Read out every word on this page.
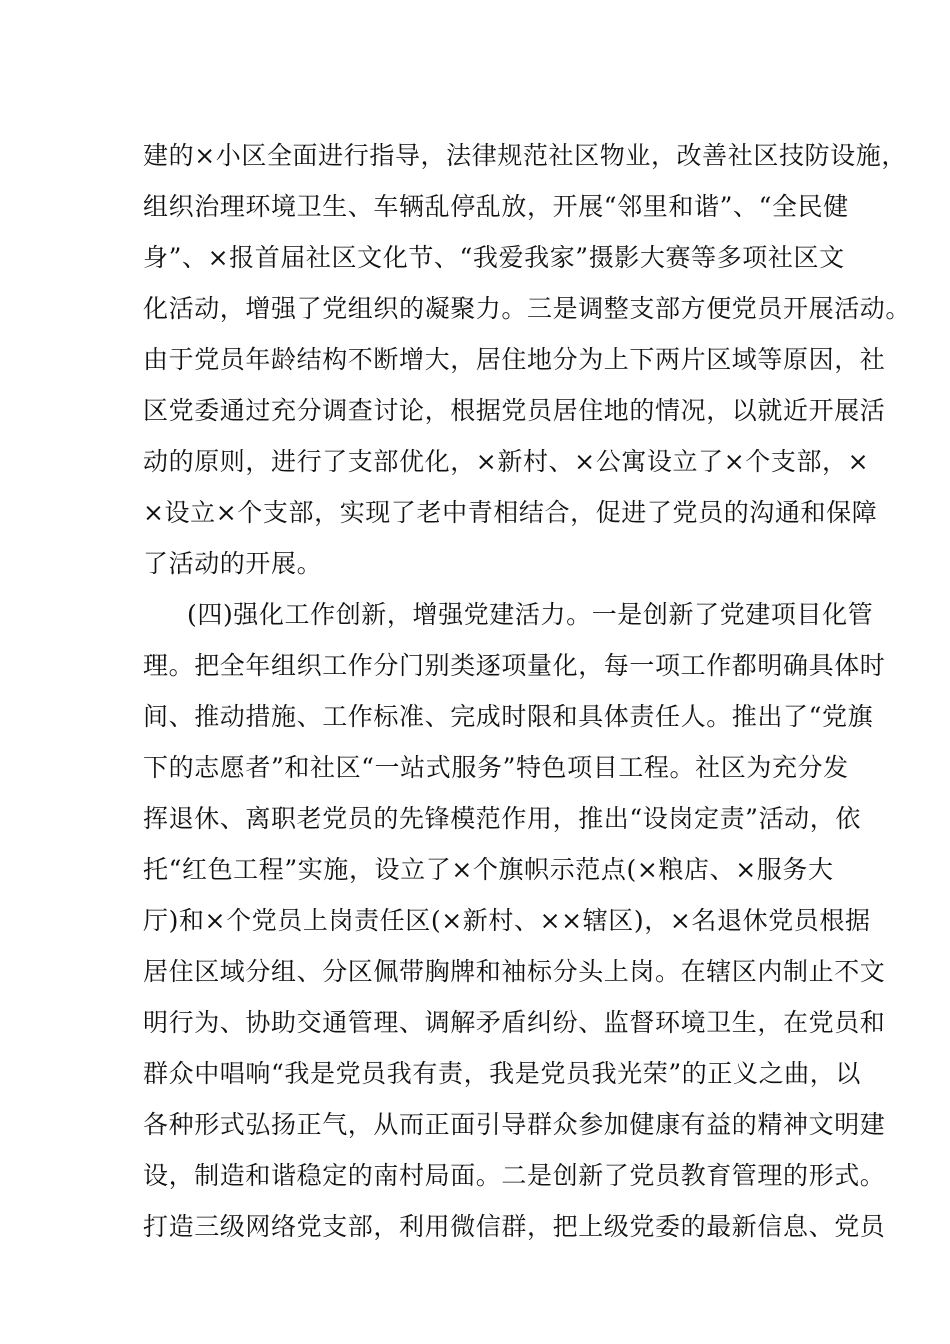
建的×小区全面进行指导，法律规范社区物业，改善社区技防设施，
组织治理环境卫生、车辆乱停乱放，开展“邻里和谐”、“全民健
身”、×报首届社区文化节、“我爱我家”摄影大赛等多项社区文
化活动，增强了党组织的凝聚力。三是调整支部方便党员开展活动。
由于党员年龄结构不断增大，居住地分为上下两片区域等原因，社
区党委通过充分调查讨论，根据党员居住地的情况，以就近开展活
动的原则，进行了支部优化，×新村、×公寓设立了×个支部，×
×设立×个支部，实现了老中青相结合，促进了党员的沟通和保障
了活动的开展。
(四)强化工作创新，增强党建活力。一是创新了党建项目化管
理。把全年组织工作分门别类逐项量化，每一项工作都明确具体时
间、推动措施、工作标准、完成时限和具体责任人。推出了“党旗
下的志愿者”和社区“一站式服务”特色项目工程。社区为充分发
挥退休、离职老党员的先锋模范作用，推出“设岗定责”活动，依
托“红色工程”实施，设立了×个旗帜示范点(×粮店、×服务大
厅)和×个党员上岗责任区(×新村、××辖区)，×名退休党员根据
居住区域分组、分区佩带胸牌和袖标分头上岗。在辖区内制止不文
明行为、协助交通管理、调解矛盾纠纷、监督环境卫生，在党员和
群众中唱响“我是党员我有责，我是党员我光荣”的正义之曲，以
各种形式弘扬正气，从而正面引导群众参加健康有益的精神文明建
设，制造和谐稳定的南村局面。二是创新了党员教育管理的形式。
打造三级网络党支部，利用微信群，把上级党委的最新信息、党员
